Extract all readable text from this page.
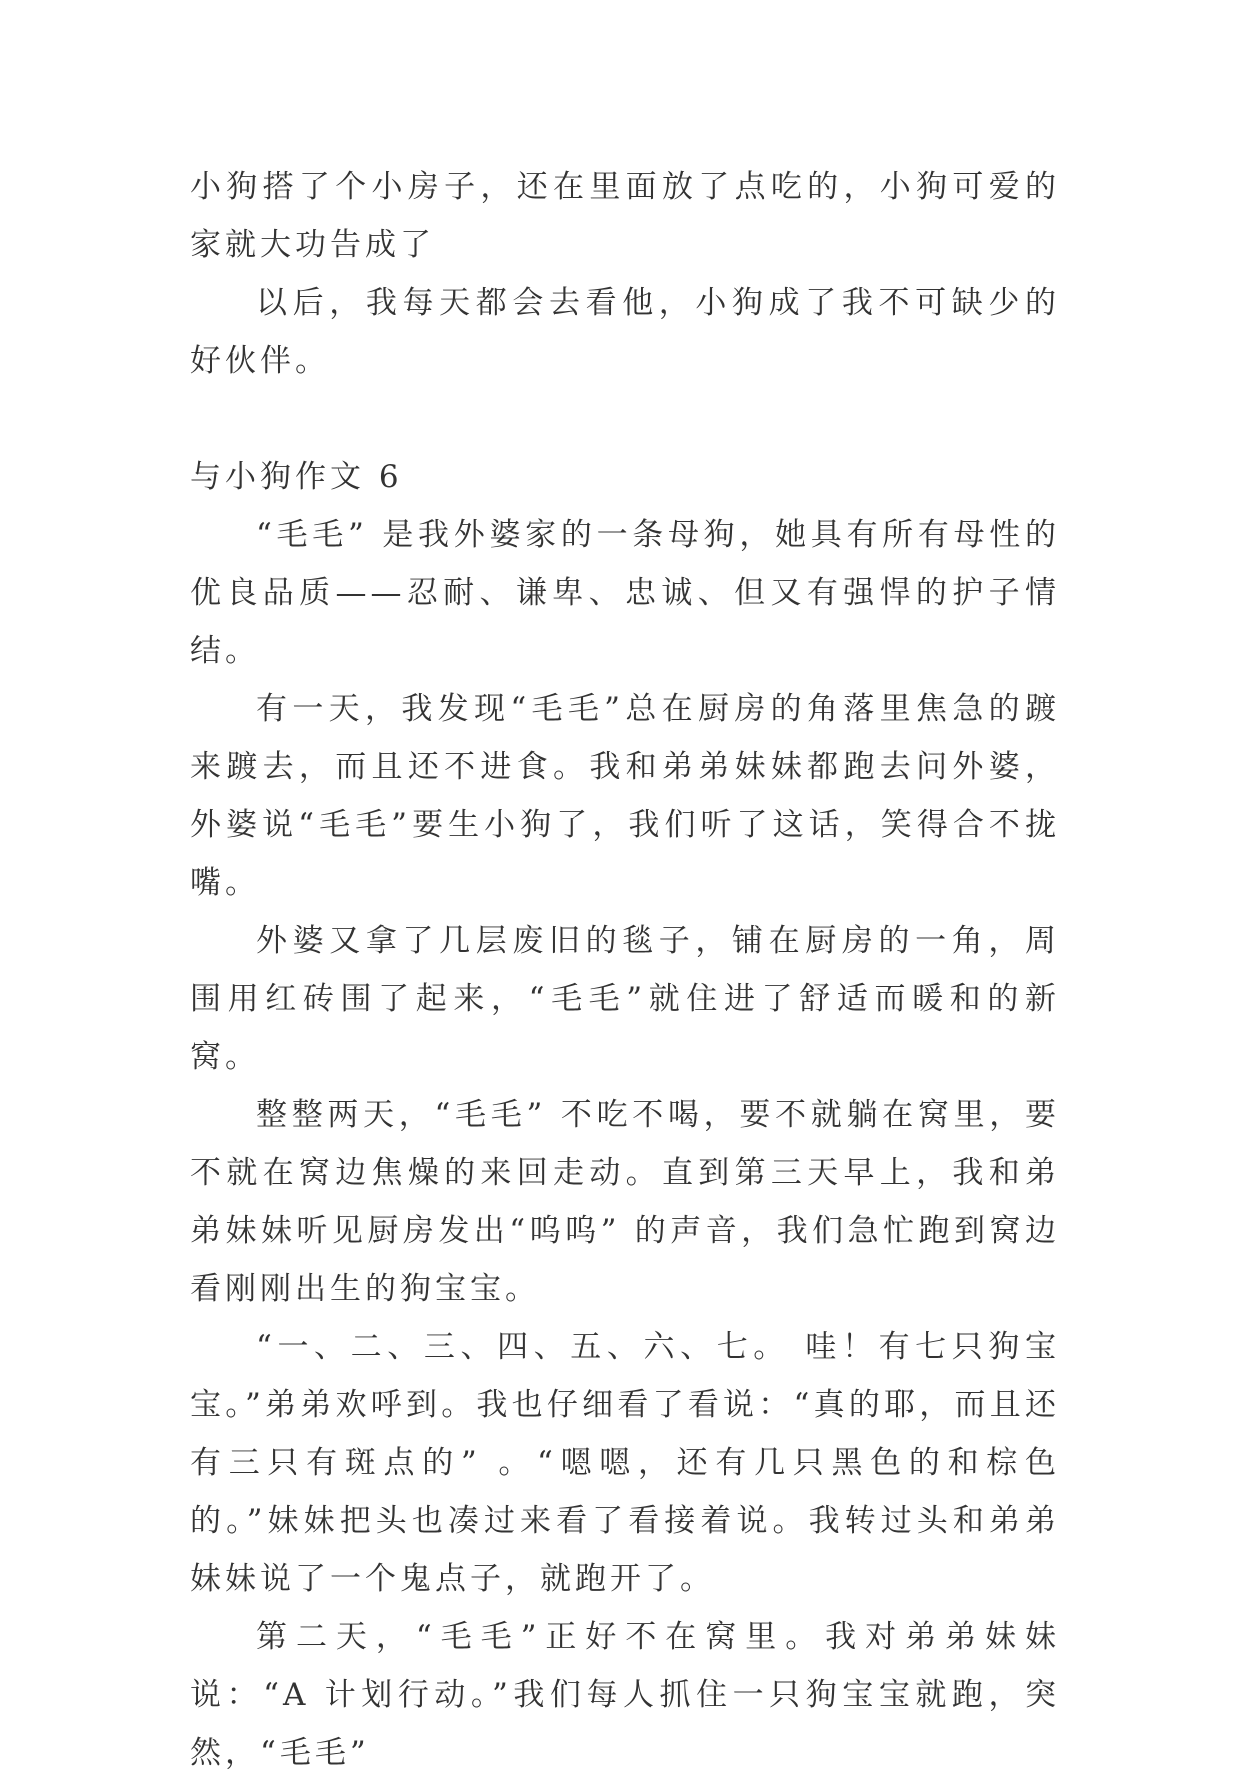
小狗搭了个小房子，还在里面放了点吃的，小狗可爱的家就大功告成了

以后，我每天都会去看他，小狗成了我不可缺少的好伙伴。

与小狗作文 6

“毛毛” 是我外婆家的一条母狗，她具有所有母性的优良品质——忍耐、谦卑、忠诚、但又有强悍的护子情结。

有一天，我发现“毛毛”总在厨房的角落里焦急的踱来踱去，而且还不进食。我和弟弟妹妹都跑去问外婆，外婆说“毛毛”要生小狗了，我们听了这话，笑得合不拢嘴。

外婆又拿了几层废旧的毯子，铺在厨房的一角，周围用红砖围了起来，“毛毛”就住进了舒适而暖和的新窝。

整整两天，“毛毛” 不吃不喝，要不就躺在窝里，要不就在窝边焦燥的来回走动。直到第三天早上，我和弟弟妹妹听见厨房发出“呜呜” 的声音，我们急忙跑到窝边看刚刚出生的狗宝宝。

“一、二、三、四、五、六、七。 哇！有七只狗宝宝。”弟弟欢呼到。我也仔细看了看说：“真的耶，而且还有三只有斑点的” 。“嗯嗯，还有几只黑色的和棕色的。”妹妹把头也凑过来看了看接着说。我转过头和弟弟妹妹说了一个鬼点子，就跑开了。

第二天，“毛毛”正好不在窝里。我对弟弟妹妹说：“A 计划行动。”我们每人抓住一只狗宝宝就跑，突然，“毛毛”
